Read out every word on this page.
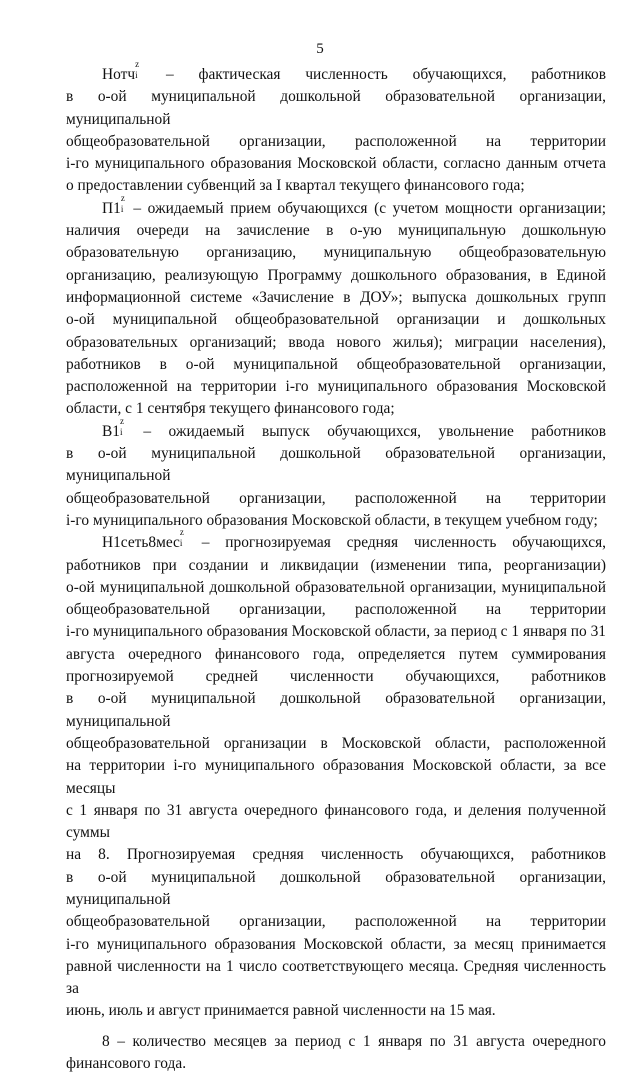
5
Нотч
z
i – фактическая численность обучающихся, работников
в о-ой муниципальной дошкольной образовательной организации, муниципальной
общеобразовательной организации, расположенной на территории
i-го муниципального образования Московской области, согласно данным отчета
о предоставлении субвенций за I квартал текущего финансового года;
П1
z
i – ожидаемый прием обучающихся (с учетом мощности организации;
наличия очереди на зачисление в о-ую муниципальную дошкольную
образовательную организацию, муниципальную общеобразовательную
организацию, реализующую Программу дошкольного образования, в Единой
информационной системе «Зачисление в ДОУ»; выпуска дошкольных групп
о-ой муниципальной общеобразовательной организации и дошкольных
образовательных организаций; ввода нового жилья); миграции населения),
работников в о-ой муниципальной общеобразовательной организации,
расположенной на территории i-го муниципального образования Московской
области, с 1 сентября текущего финансового года;
В1
z
i – ожидаемый выпуск обучающихся, увольнение работников
в о-ой муниципальной дошкольной образовательной организации, муниципальной
общеобразовательной организации, расположенной на территории
i-го муниципального образования Московской области, в текущем учебном году;
Н1сеть8мес
z
i – прогнозируемая средняя численность обучающихся,
работников при создании и ликвидации (изменении типа, реорганизации)
о-ой муниципальной дошкольной образовательной организации, муниципальной
общеобразовательной организации, расположенной на территории
i-го муниципального образования Московской области, за период с 1 января по 31
августа очередного финансового года, определяется путем суммирования
прогнозируемой средней численности обучающихся, работников
в о-ой муниципальной дошкольной образовательной организации, муниципальной
общеобразовательной организации в Московской области, расположенной
на территории i-го муниципального образования Московской области, за все месяцы
с 1 января по 31 августа очередного финансового года, и деления полученной суммы
на 8. Прогнозируемая средняя численность обучающихся, работников
в о-ой муниципальной дошкольной образовательной организации, муниципальной
общеобразовательной организации, расположенной на территории
i-го муниципального образования Московской области, за месяц принимается
равной численности на 1 число соответствующего месяца. Средняя численность за
июнь, июль и август принимается равной численности на 15 мая.
8 – количество месяцев за период с 1 января по 31 августа очередного
финансового года.
